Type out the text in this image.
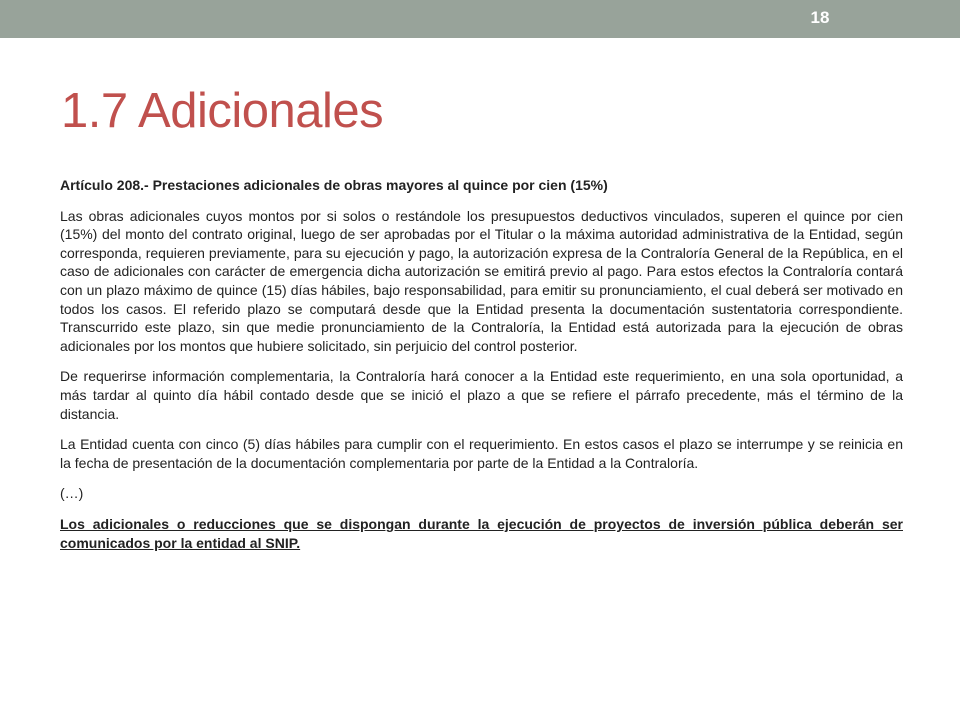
18
1.7 Adicionales

Artículo 208.- Prestaciones adicionales de obras mayores al quince por cien (15%)

Las obras adicionales cuyos montos por si solos o restándole los presupuestos deductivos vinculados, superen el quince por cien (15%) del monto del contrato original, luego de ser aprobadas por el Titular o la máxima autoridad administrativa de la Entidad, según corresponda, requieren previamente, para su ejecución y pago, la autorización expresa de la Contraloría General de la República, en el caso de adicionales con carácter de emergencia dicha autorización se emitirá previo al pago. Para estos efectos la Contraloría contará con un plazo máximo de quince (15) días hábiles, bajo responsabilidad, para emitir su pronunciamiento, el cual deberá ser motivado en todos los casos. El referido plazo se computará desde que la Entidad presenta la documentación sustentatoria correspondiente. Transcurrido este plazo, sin que medie pronunciamiento de la Contraloría, la Entidad está autorizada para la ejecución de obras adicionales por los montos que hubiere solicitado, sin perjuicio del control posterior.

De requerirse información complementaria, la Contraloría hará conocer a la Entidad este requerimiento, en una sola oportunidad, a más tardar al quinto día hábil contado desde que se inició el plazo a que se refiere el párrafo precedente, más el término de la distancia.

La Entidad cuenta con cinco (5) días hábiles para cumplir con el requerimiento. En estos casos el plazo se interrumpe y se reinicia en la fecha de presentación de la documentación complementaria por parte de la Entidad a la Contraloría.

(…)

Los adicionales o reducciones que se dispongan durante la ejecución de proyectos de inversión pública deberán ser comunicados por la entidad al SNIP.
